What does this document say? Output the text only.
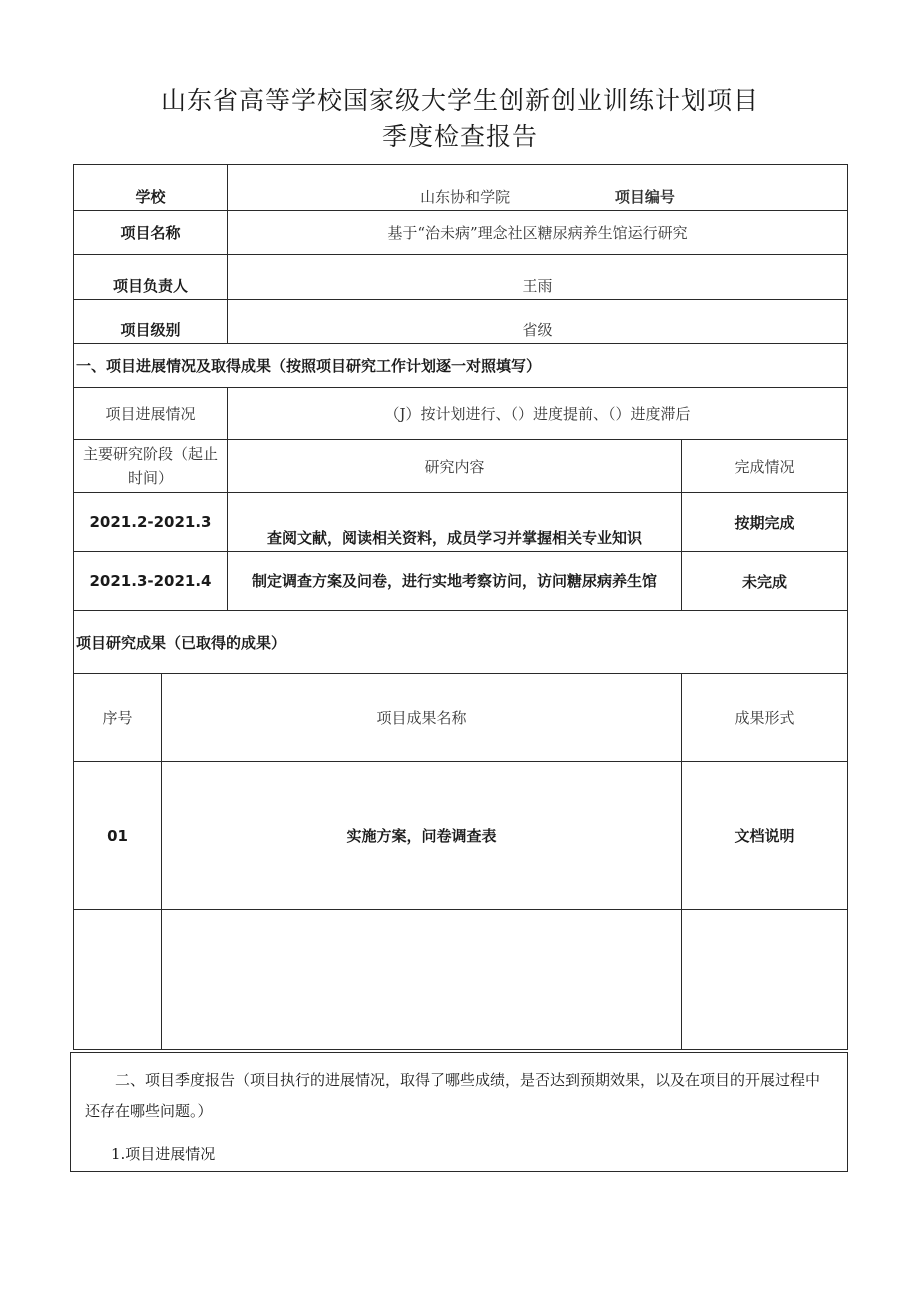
山东省高等学校国家级大学生创新创业训练计划项目
季度检查报告
学校		山东协和学院 项目编号	
项目名称		基于“治未病”理念社区糖尿病养生馆运行研究	
项目负责人		王雨	
项目级别		省级	
一、项目进展情况及取得成果（按照项目研究工作计划逐一对照填写）			
项目进展情况		（J）按计划进行、（）进度提前、（）进度滞后	
主要研究阶段（起止时间）		研究内容	完成情况
2021.2-2021.3		查阅文献，阅读相关资料，成员学习并掌握相关专业知识	按期完成
2021.3-2021.4		制定调查方案及问卷，进行实地考察访问，访问糖尿病养生馆	未完成
项目研究成果（已取得的成果）			
序号	项目成果名称		成果形式
01	实施方案，问卷调查表		文档说明

二、项目季度报告（项目执行的进展情况，取得了哪些成绩，是否达到预期效果，以及在项目的开展过程中还存在哪些问题。）
1.项目进展情况
